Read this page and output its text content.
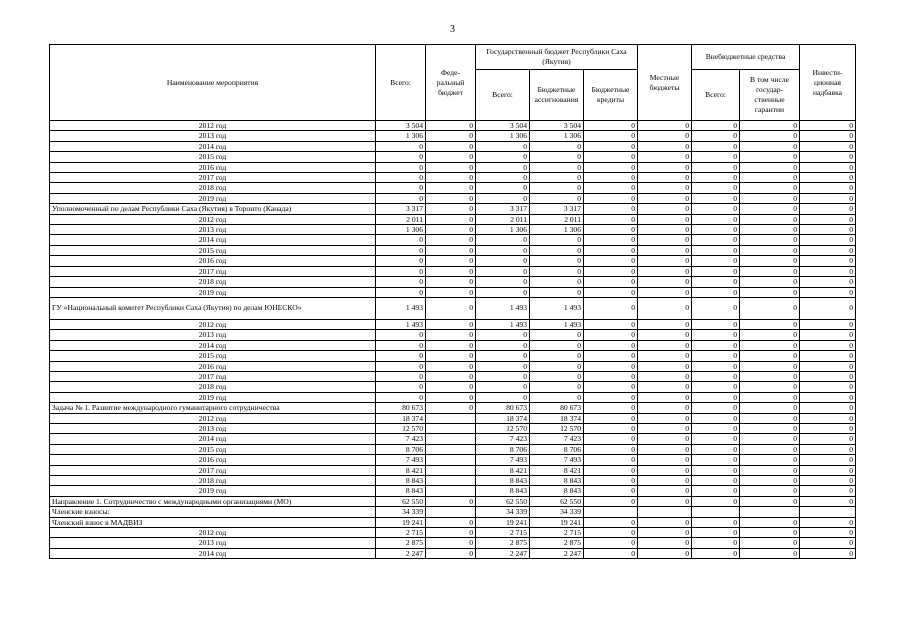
3
Наименование мероприятия	Всего:	Феде-ральный бюджет	Государственный бюджет Республики Саха (Якутия)			Местные бюджеты	Внебюджетные средства		Инвести-ционная надбавка
			Всего:	Бюджетные ассигнования	Бюджетные кредиты		Всего:	В том числе государ-ственные гарантии	
2012 год	3 504	0	3 504	3 504	0	0	0	0	0
2013 год	1 306	0	1 306	1 306	0	0	0	0	0
2014 год	0	0	0	0	0	0	0	0	0
2015 год	0	0	0	0	0	0	0	0	0
2016 год	0	0	0	0	0	0	0	0	0
2017 год	0	0	0	0	0	0	0	0	0
2018 год	0	0	0	0	0	0	0	0	0
2019 год	0	0	0	0	0	0	0	0	0
Уполномоченный по делам Республики Саха (Якутия) в Торонто (Канада)	3 317	0	3 317	3 317	0	0	0	0	0
2012 год	2 011	0	2 011	2 011	0	0	0	0	0
2013 год	1 306	0	1 306	1 306	0	0	0	0	0
2014 год	0	0	0	0	0	0	0	0	0
2015 год	0	0	0	0	0	0	0	0	0
2016 год	0	0	0	0	0	0	0	0	0
2017 год	0	0	0	0	0	0	0	0	0
2018 год	0	0	0	0	0	0	0	0	0
2019 год	0	0	0	0	0	0	0	0	0
ГУ «Национальный комитет Республики Саха (Якутия) по делам ЮНЕСКО»	1 493	0	1 493	1 493	0	0	0	0	0
2012 год	1 493	0	1 493	1 493	0	0	0	0	0
2013 год	0	0	0	0	0	0	0	0	0
2014 год	0	0	0	0	0	0	0	0	0
2015 год	0	0	0	0	0	0	0	0	0
2016 год	0	0	0	0	0	0	0	0	0
2017 год	0	0	0	0	0	0	0	0	0
2018 год	0	0	0	0	0	0	0	0	0
2019 год	0	0	0	0	0	0	0	0	0
Задача № 1. Развитие международного гуманитарного сотрудничества	80 673	0	80 673	80 673	0	0	0	0	0
2012 год	18 374		18 374	18 374	0	0	0	0	0
2013 год	12 570		12 570	12 570	0	0	0	0	0
2014 год	7 423		7 423	7 423	0	0	0	0	0
2015 год	8 706		8 706	8 706	0	0	0	0	0
2016 год	7 493		7 493	7 493	0	0	0	0	0
2017 год	8 421		8 421	8 421	0	0	0	0	0
2018 год	8 843		8 843	8 843	0	0	0	0	0
2019 год	8 843		8 843	8 843	0	0	0	0	0
Направление 1. Сотрудничество с международными организациями (МО)	62 550	0	62 550	62 550	0	0	0	0	0
Членские взносы:	34 339		34 339	34 339					
Членский взнос в МАДВИЗ	19 241	0	19 241	19 241	0	0	0	0	0
2012 год	2 715	0	2 715	2 715	0	0	0	0	0
2013 год	2 875	0	2 875	2 875	0	0	0	0	0
2014 год	2 247	0	2 247	2 247	0	0	0	0	0
